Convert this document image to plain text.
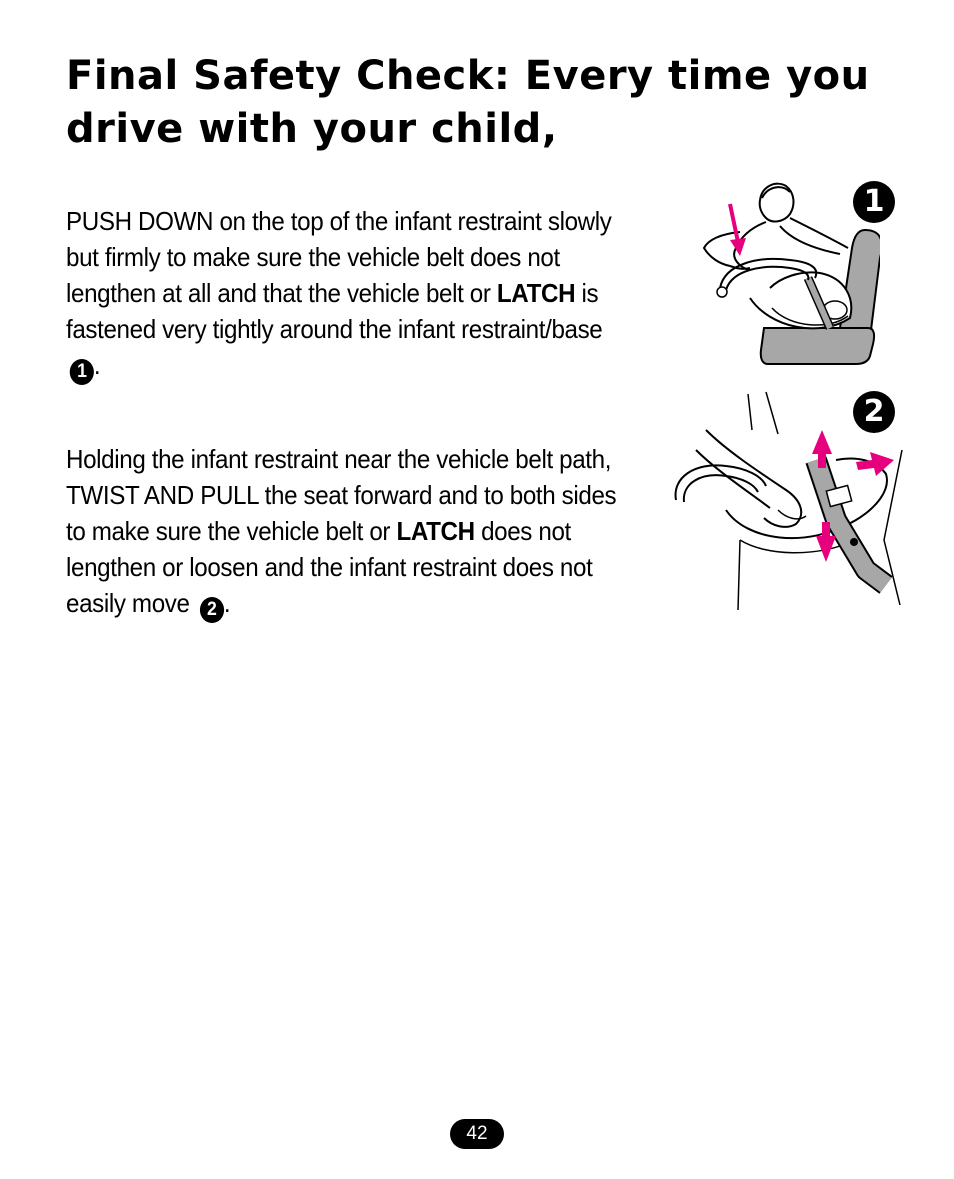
Final Safety Check: Every time you drive with your child,

PUSH DOWN on the top of the infant restraint slowly but firmly to make sure the vehicle belt does not lengthen at all and that the vehicle belt or LATCH is fastened very tightly around the infant restraint/base 1 .

Holding the infant restraint near the vehicle belt path, TWIST AND PULL the seat forward and to both sides to make sure the vehicle belt or LATCH does not lengthen or loosen and the infant restraint does not easily move 2 .

1
2
42
